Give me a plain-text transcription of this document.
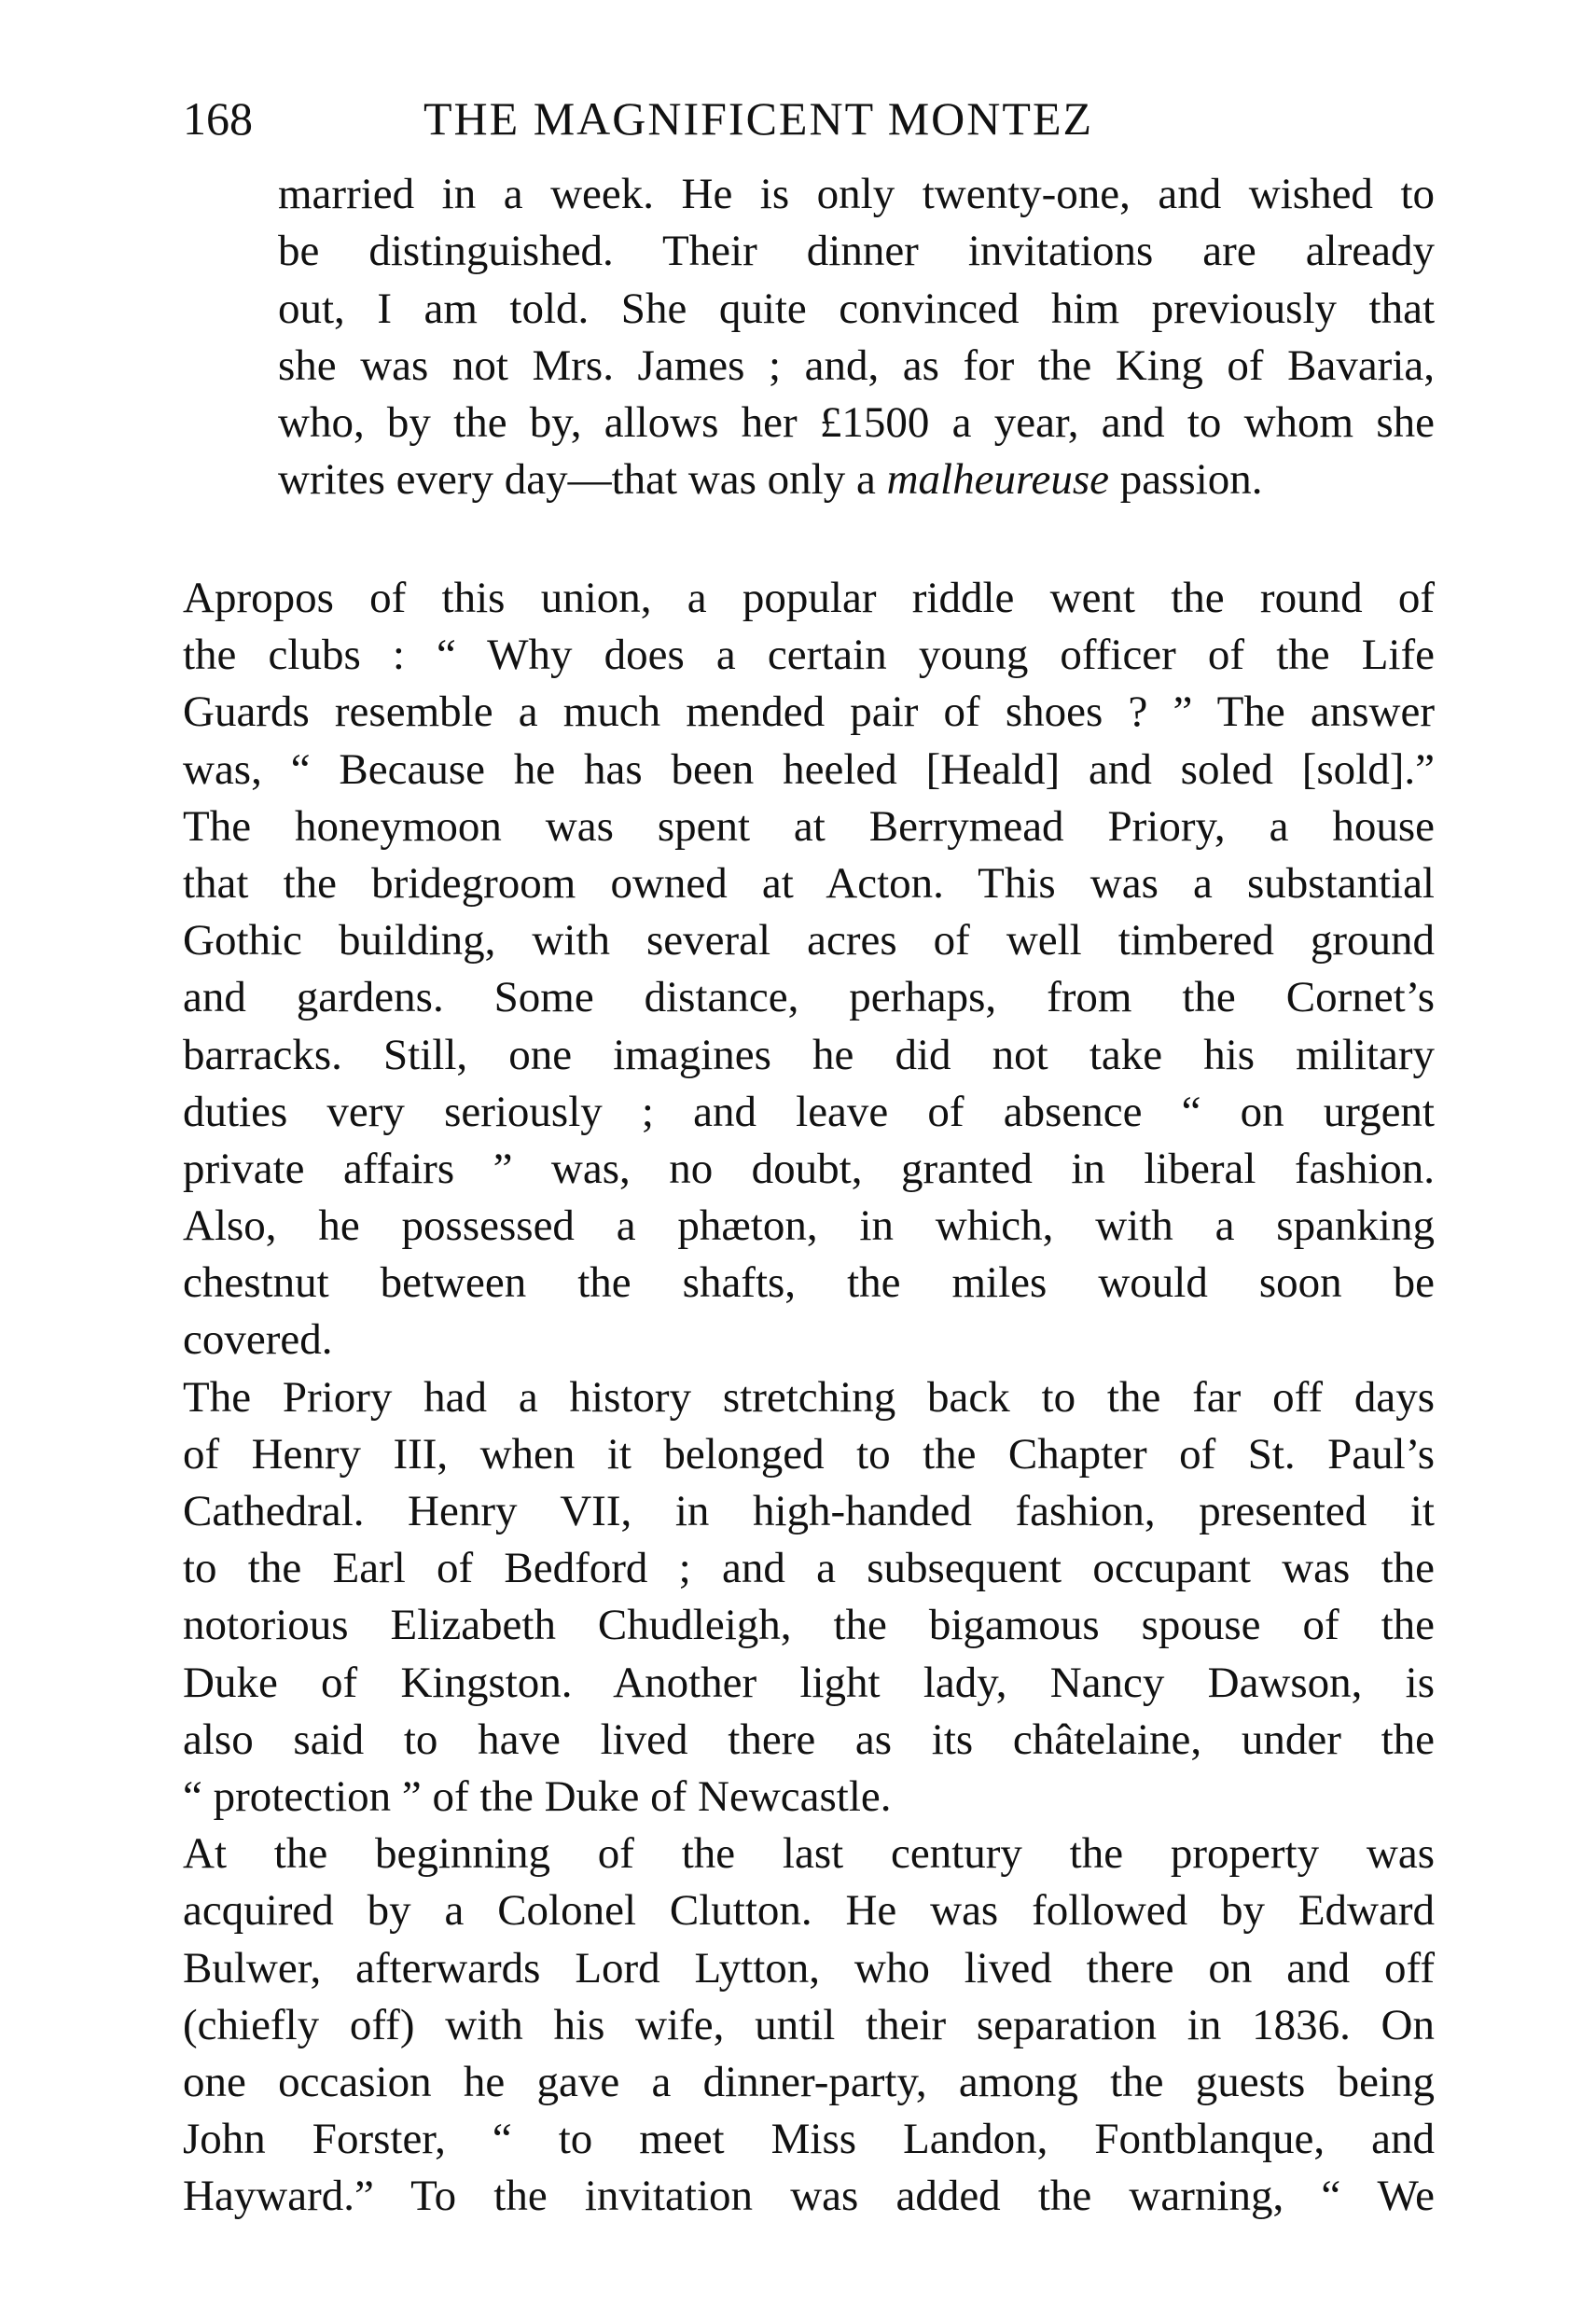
168	THE MAGNIFICENT MONTEZ
married in a week. He is only twenty-one, and wished to
be distinguished. Their dinner invitations are already
out, I am told. She quite convinced him previously that
she was not Mrs. James ; and, as for the King of Bavaria,
who, by the by, allows her £1500 a year, and to whom she
writes every day—that was only a malheureuse passion.
Apropos of this union, a popular riddle went the round of
the clubs : “ Why does a certain young officer of the Life
Guards resemble a much mended pair of shoes ? ” The answer
was, “ Because he has been heeled [Heald] and soled [sold].”
The honeymoon was spent at Berrymead Priory, a house
that the bridegroom owned at Acton. This was a substantial
Gothic building, with several acres of well timbered ground
and gardens. Some distance, perhaps, from the Cornet’s
barracks. Still, one imagines he did not take his military
duties very seriously ; and leave of absence “ on urgent
private affairs ” was, no doubt, granted in liberal fashion.
Also, he possessed a phæton, in which, with a spanking
chestnut between the shafts, the miles would soon be
covered.
The Priory had a history stretching back to the far off days
of Henry III, when it belonged to the Chapter of St. Paul’s
Cathedral. Henry VII, in high-handed fashion, presented it
to the Earl of Bedford ; and a subsequent occupant was the
notorious Elizabeth Chudleigh, the bigamous spouse of the
Duke of Kingston. Another light lady, Nancy Dawson, is
also said to have lived there as its châtelaine, under the
“ protection ” of the Duke of Newcastle.
At the beginning of the last century the property was
acquired by a Colonel Clutton. He was followed by Edward
Bulwer, afterwards Lord Lytton, who lived there on and off
(chiefly off) with his wife, until their separation in 1836. On
one occasion he gave a dinner-party, among the guests being
John Forster, “ to meet Miss Landon, Fontblanque, and
Hayward.” To the invitation was added the warning, “ We
